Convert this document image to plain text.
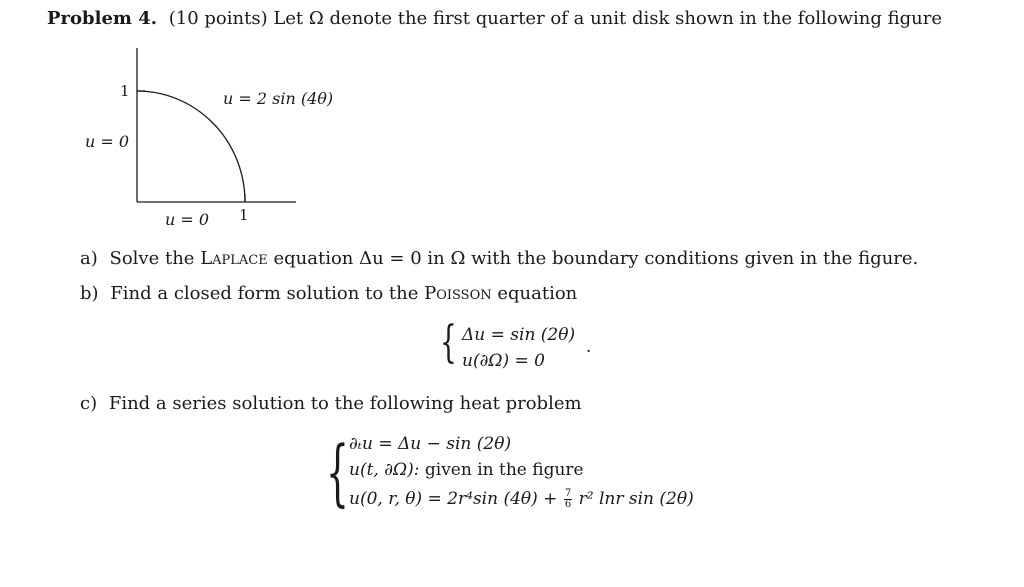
Problem 4. (10 points) Let Ω denote the first quarter of a unit disk shown in the following figure
1
1
u = 0
u = 0
u = 2 sin (4θ)
a) Solve the Laplace equation Δu = 0 in Ω with the boundary conditions given in the figure.
b) Find a closed form solution to the Poisson equation
{ Δu = sin (2θ)
u(∂Ω) = 0
.
c) Find a series solution to the following heat problem
{ ∂ₜu = Δu − sin (2θ)
u(t, ∂Ω): given in the figure
u(0, r, θ) = 2r⁴sin $(4\theta) + \frac{7}{6} r^2$ lnr sin (2θ)
